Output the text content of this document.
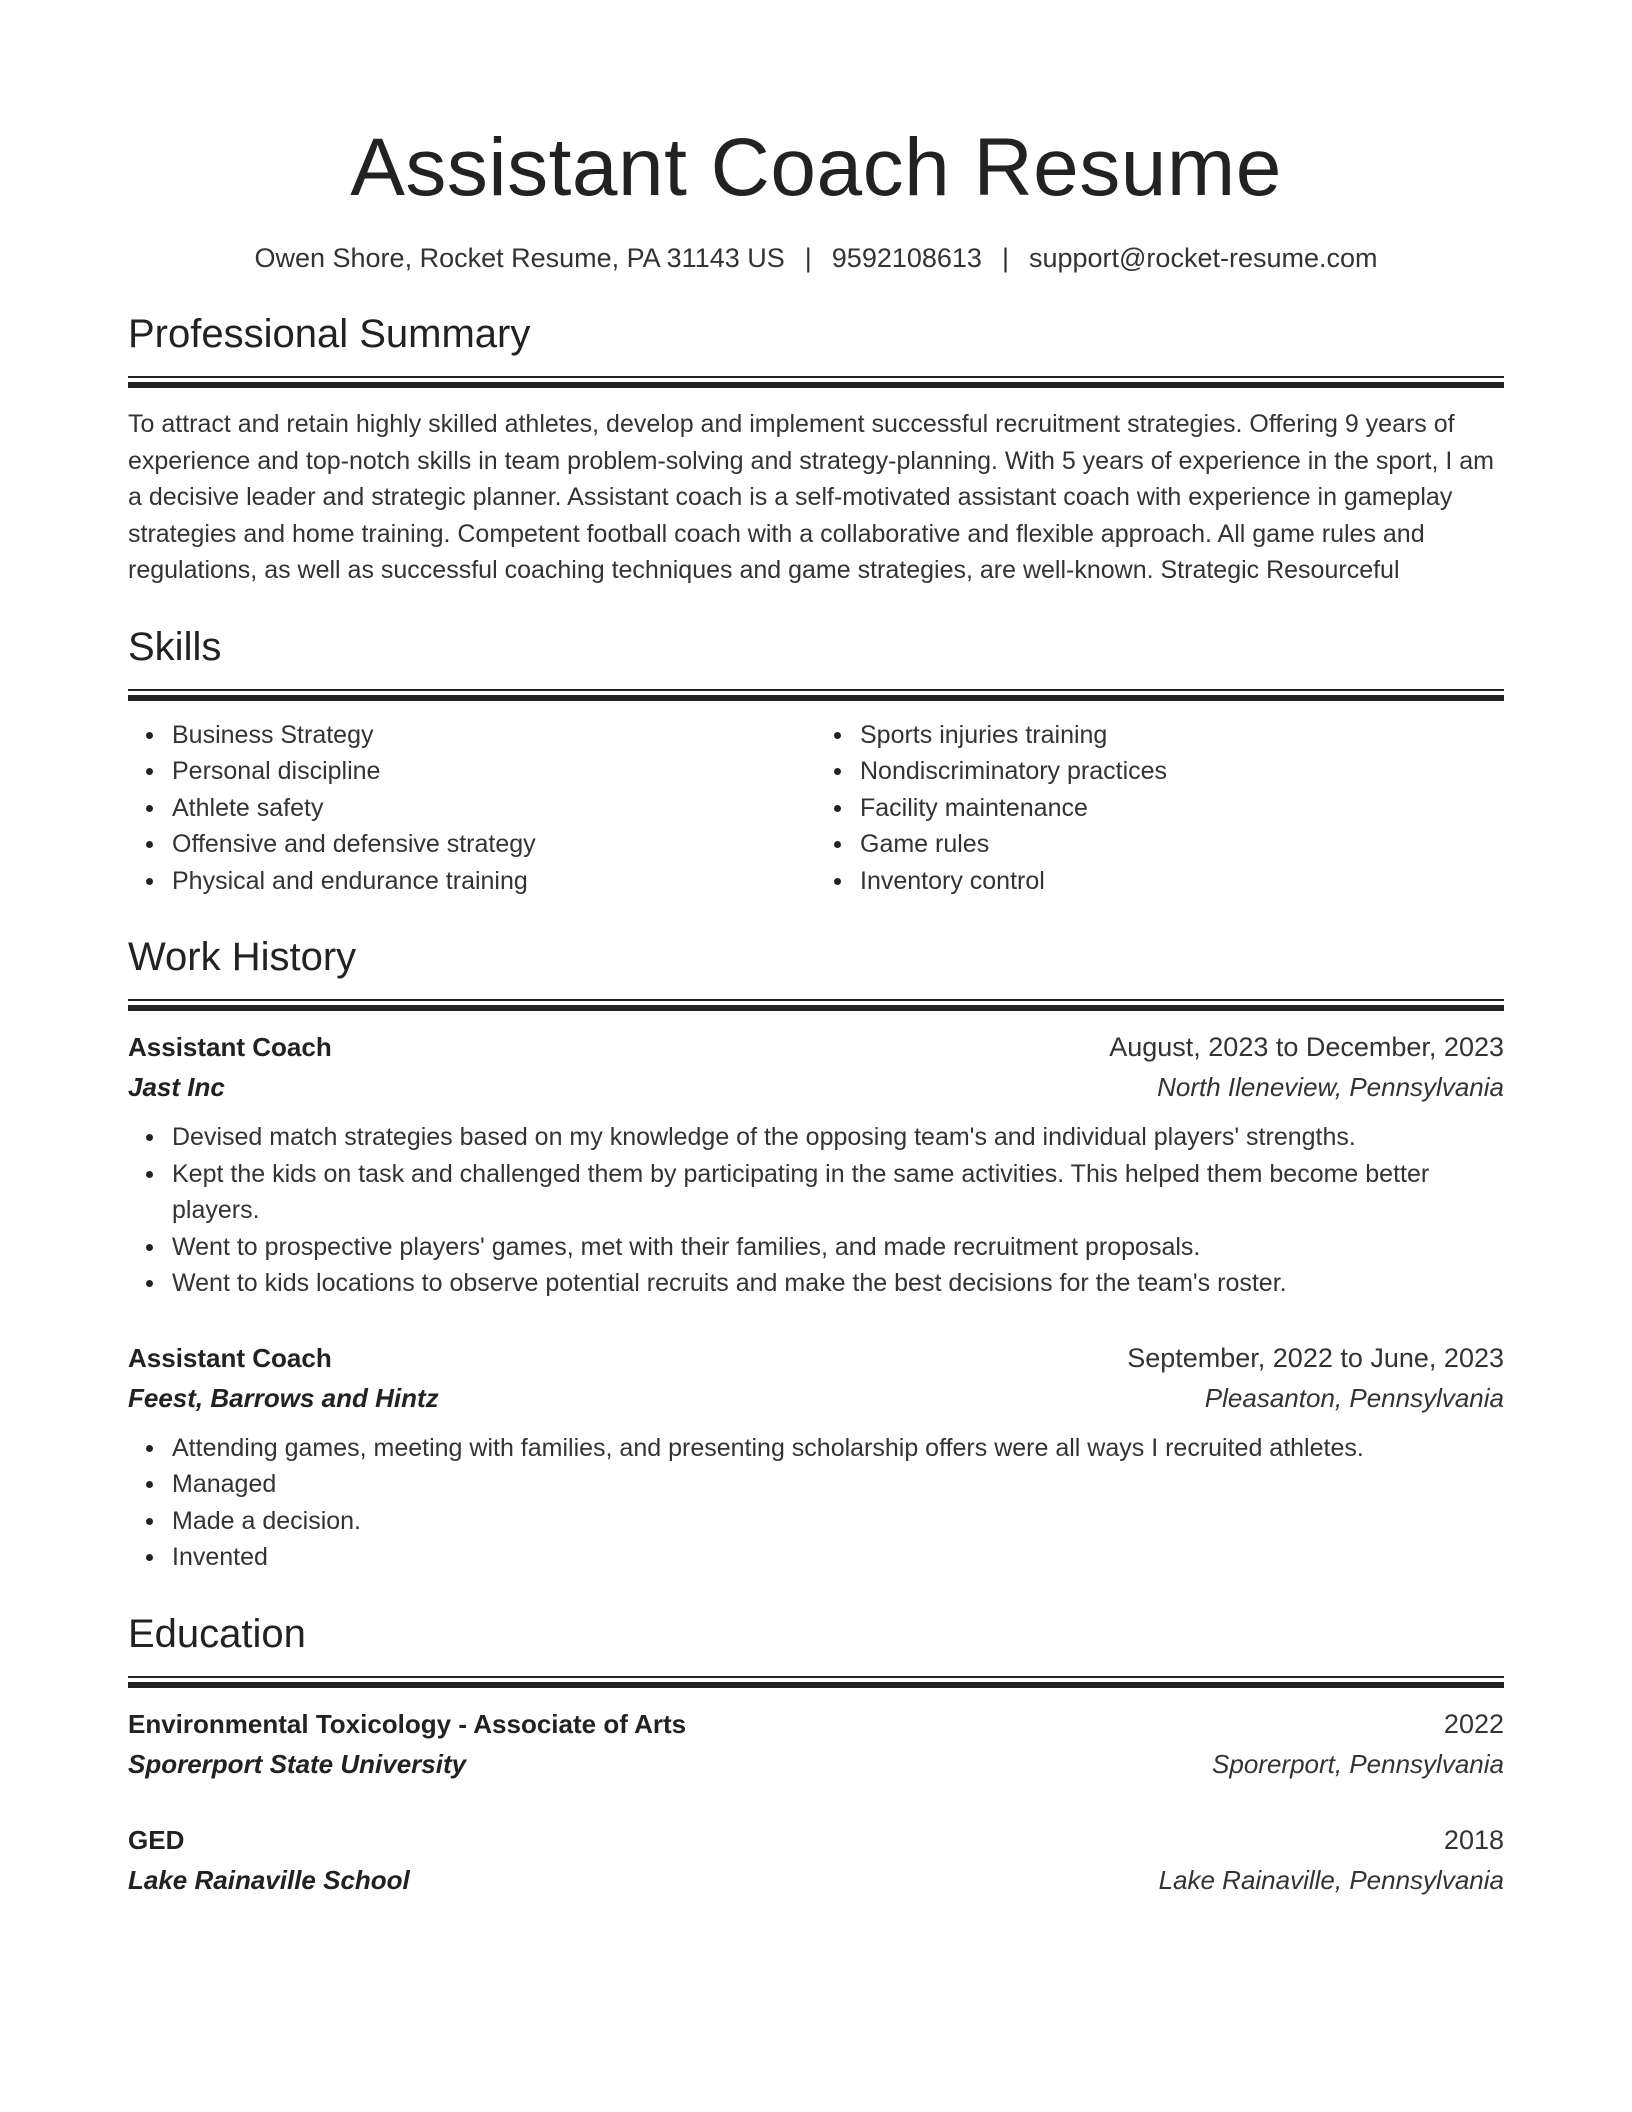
Assistant Coach Resume
Owen Shore, Rocket Resume, PA 31143 US | 9592108613 | support@rocket-resume.com
Professional Summary

To attract and retain highly skilled athletes, develop and implement successful recruitment strategies. Offering 9 years of experience and top-notch skills in team problem-solving and strategy-planning. With 5 years of experience in the sport, I am a decisive leader and strategic planner. Assistant coach is a self-motivated assistant coach with experience in gameplay strategies and home training. Competent football coach with a collaborative and flexible approach. All game rules and regulations, as well as successful coaching techniques and game strategies, are well-known. Strategic Resourceful

Skills
Business Strategy
Personal discipline
Athlete safety
Offensive and defensive strategy
Physical and endurance training
Sports injuries training
Nondiscriminatory practices
Facility maintenance
Game rules
Inventory control
Work History
Assistant Coach	August, 2023 to December, 2023
Jast Inc	North Ileneview, Pennsylvania
Devised match strategies based on my knowledge of the opposing team's and individual players' strengths.
Kept the kids on task and challenged them by participating in the same activities. This helped them become better players.
Went to prospective players' games, met with their families, and made recruitment proposals.
Went to kids locations to observe potential recruits and make the best decisions for the team's roster.
Assistant Coach	September, 2022 to June, 2023
Feest, Barrows and Hintz	Pleasanton, Pennsylvania
Attending games, meeting with families, and presenting scholarship offers were all ways I recruited athletes.
Managed
Made a decision.
Invented
Education
Environmental Toxicology - Associate of Arts	2022
Sporerport State University	Sporerport, Pennsylvania
GED	2018
Lake Rainaville School	Lake Rainaville, Pennsylvania
